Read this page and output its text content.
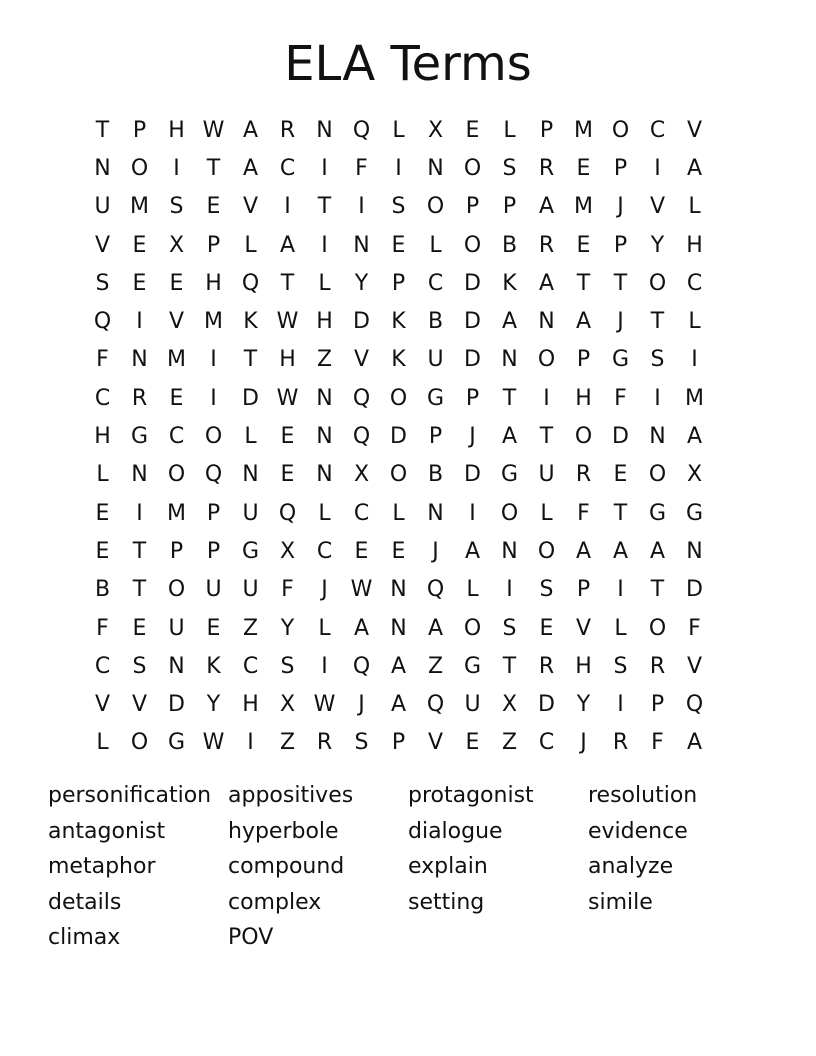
ELA Terms
T	P	H W A R N Q	L	X	E	L	P M O C V
N O	I	T	A C	I	F	I	N O S	R	E	P	I	A
U M S	E	V	I	T	I	S O P	P	A M	J	V	L
V	E	X	P	L	A	I	N E	L	O B R	E	P	Y	H
S	E	E H Q T	L	Y	P	C D K	A	T	T O C
Q	I	V M K W H D K	B D A N A	J	T	L
F	N M	I	T	H Z V	K U D N O P G S	I
C R	E	I	D W N Q O G P	T	I	H	F	I	M
H G C O	L	E N Q D P	J	A	T O D N A
L	N O Q N E N X O B D G U R	E O X
E	I	M P	U Q	L	C	L	N	I	O	L	F	T G G
E	T	P	P G X C	E	E	J	A N O A A A N
B	T O U U	F	J	W N Q	L	I	S	P	I	T D
F	E U	E	Z	Y	L	A N A O S	E	V	L	O	F
C	S N K	C	S	I	Q A Z G T	R H S	R V
V V D Y	H X W	J	A Q U X D Y	I	P Q
L	O G W	I	Z R	S	P	V	E	Z C	J	R	F	A
personification appositives	protagonist	resolution
antagonist	hyperbole	dialogue	evidence
metaphor	compound	explain	analyze
details	complex	setting	simile
climax	POV
